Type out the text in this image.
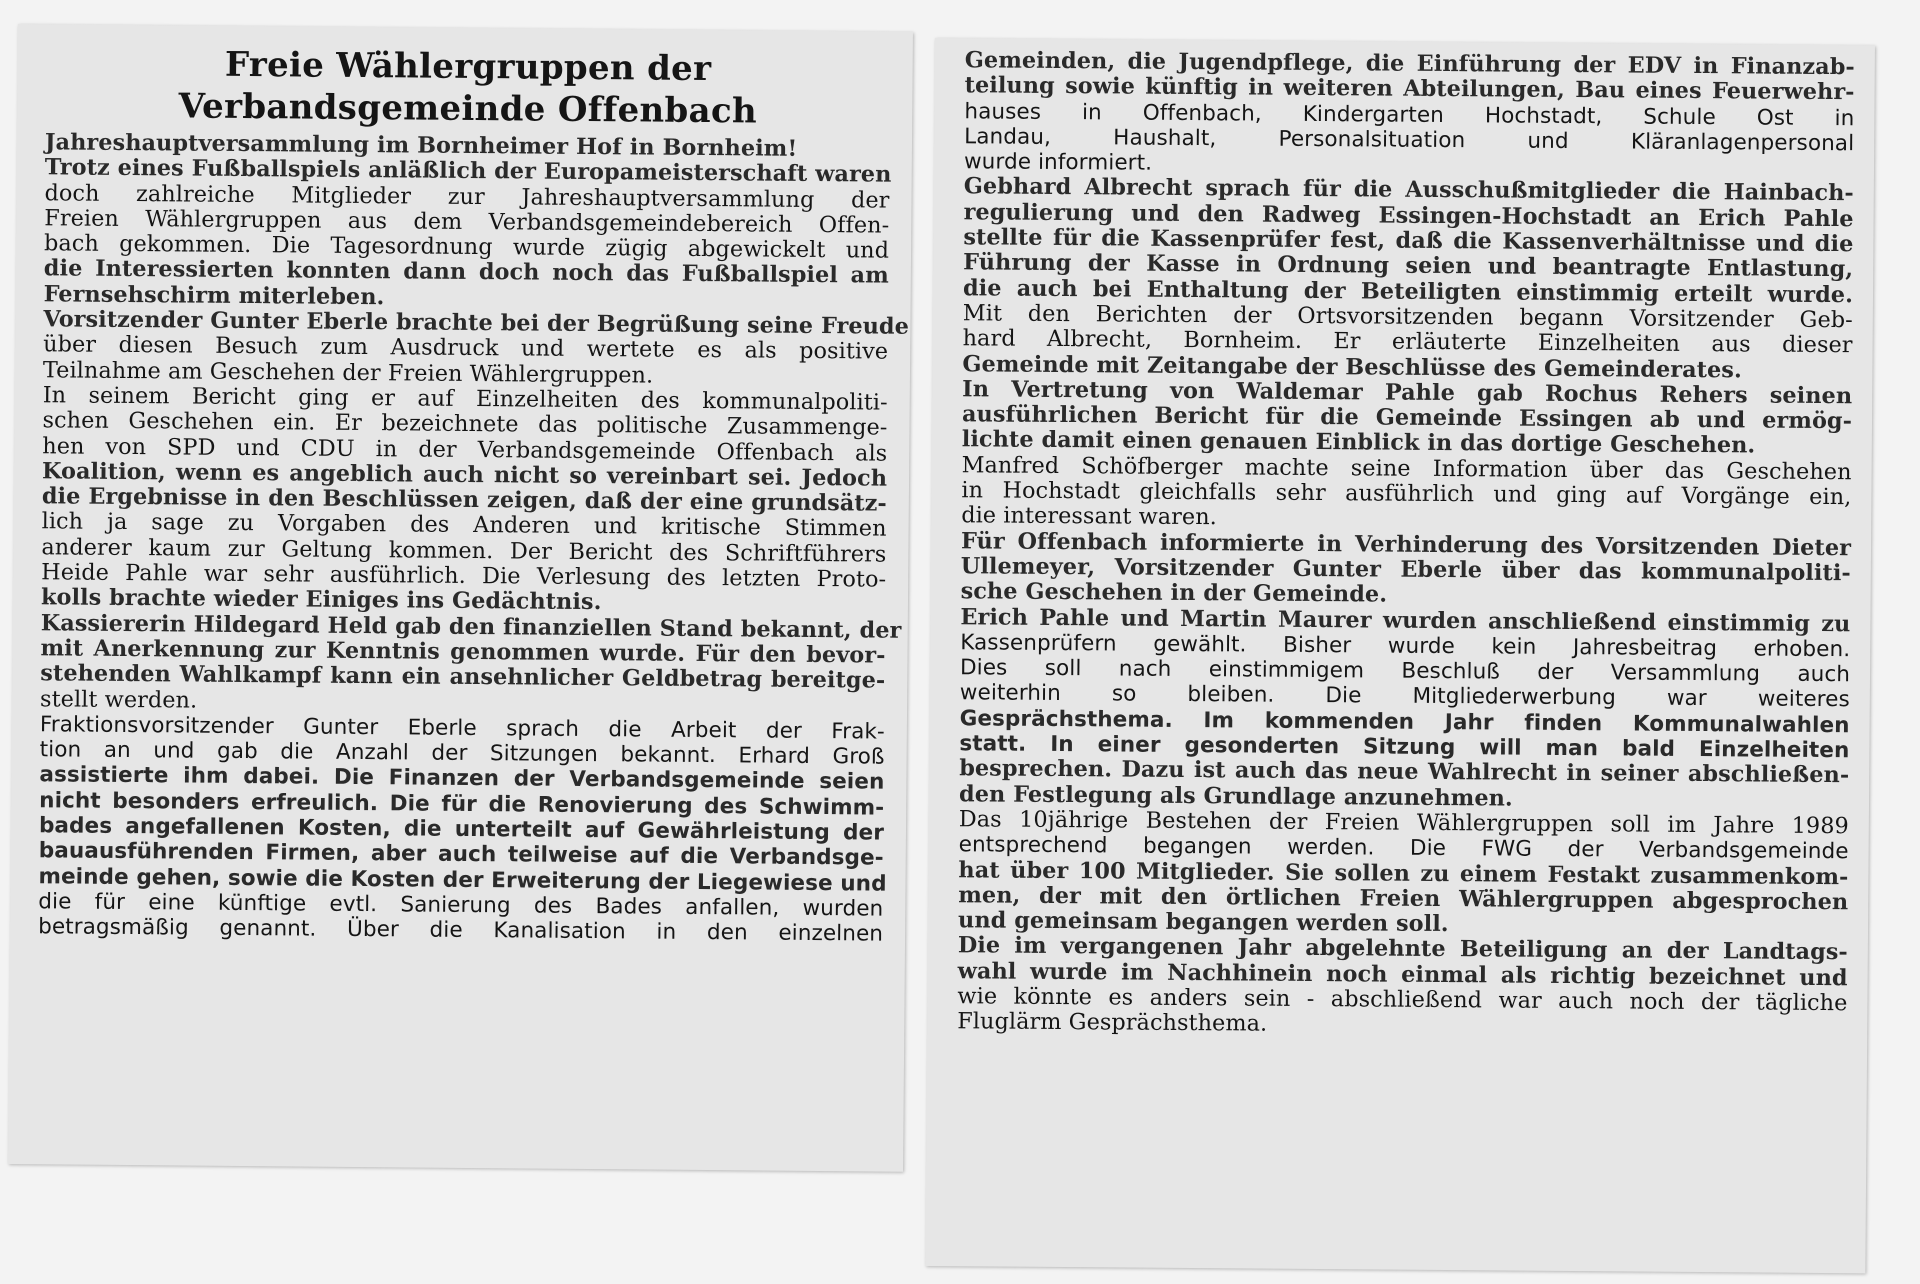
Freie Wählergruppen der
Verbandsgemeinde Offenbach
Jahreshauptversammlung im Bornheimer Hof in Bornheim!
Trotz eines Fußballspiels anläßlich der Europameisterschaft waren
doch zahlreiche Mitglieder zur Jahreshauptversammlung der
Freien Wählergruppen aus dem Verbandsgemeindebereich Offen-
bach gekommen. Die Tagesordnung wurde zügig abgewickelt und
die Interessierten konnten dann doch noch das Fußballspiel am
Fernsehschirm miterleben.
Vorsitzender Gunter Eberle brachte bei der Begrüßung seine Freude
über diesen Besuch zum Ausdruck und wertete es als positive
Teilnahme am Geschehen der Freien Wählergruppen.
In seinem Bericht ging er auf Einzelheiten des kommunalpoliti-
schen Geschehen ein. Er bezeichnete das politische Zusammenge-
hen von SPD und CDU in der Verbandsgemeinde Offenbach als
Koalition, wenn es angeblich auch nicht so vereinbart sei. Jedoch
die Ergebnisse in den Beschlüssen zeigen, daß der eine grundsätz-
lich ja sage zu Vorgaben des Anderen und kritische Stimmen
anderer kaum zur Geltung kommen. Der Bericht des Schriftführers
Heide Pahle war sehr ausführlich. Die Verlesung des letzten Proto-
kolls brachte wieder Einiges ins Gedächtnis.
Kassiererin Hildegard Held gab den finanziellen Stand bekannt, der
mit Anerkennung zur Kenntnis genommen wurde. Für den bevor-
stehenden Wahlkampf kann ein ansehnlicher Geldbetrag bereitge-
stellt werden.
Fraktionsvorsitzender Gunter Eberle sprach die Arbeit der Frak-
tion an und gab die Anzahl der Sitzungen bekannt. Erhard Groß
assistierte ihm dabei. Die Finanzen der Verbandsgemeinde seien
nicht besonders erfreulich. Die für die Renovierung des Schwimm-
bades angefallenen Kosten, die unterteilt auf Gewährleistung der
bauausführenden Firmen, aber auch teilweise auf die Verbandsge-
meinde gehen, sowie die Kosten der Erweiterung der Liegewiese und
die für eine künftige evtl. Sanierung des Bades anfallen, wurden
betragsmäßig genannt. Über die Kanalisation in den einzelnen
Gemeinden, die Jugendpflege, die Einführung der EDV in Finanzab-
teilung sowie künftig in weiteren Abteilungen, Bau eines Feuerwehr-
hauses in Offenbach, Kindergarten Hochstadt, Schule Ost in
Landau, Haushalt, Personalsituation und Kläranlagenpersonal
wurde informiert.
Gebhard Albrecht sprach für die Ausschußmitglieder die Hainbach-
regulierung und den Radweg Essingen-Hochstadt an Erich Pahle
stellte für die Kassenprüfer fest, daß die Kassenverhältnisse und die
Führung der Kasse in Ordnung seien und beantragte Entlastung,
die auch bei Enthaltung der Beteiligten einstimmig erteilt wurde.
Mit den Berichten der Ortsvorsitzenden begann Vorsitzender Geb-
hard Albrecht, Bornheim. Er erläuterte Einzelheiten aus dieser
Gemeinde mit Zeitangabe der Beschlüsse des Gemeinderates.
In Vertretung von Waldemar Pahle gab Rochus Rehers seinen
ausführlichen Bericht für die Gemeinde Essingen ab und ermög-
lichte damit einen genauen Einblick in das dortige Geschehen.
Manfred Schöfberger machte seine Information über das Geschehen
in Hochstadt gleichfalls sehr ausführlich und ging auf Vorgänge ein,
die interessant waren.
Für Offenbach informierte in Verhinderung des Vorsitzenden Dieter
Ullemeyer, Vorsitzender Gunter Eberle über das kommunalpoliti-
sche Geschehen in der Gemeinde.
Erich Pahle und Martin Maurer wurden anschließend einstimmig zu
Kassenprüfern gewählt. Bisher wurde kein Jahresbeitrag erhoben.
Dies soll nach einstimmigem Beschluß der Versammlung auch
weiterhin so bleiben. Die Mitgliederwerbung war weiteres
Gesprächsthema. Im kommenden Jahr finden Kommunalwahlen
statt. In einer gesonderten Sitzung will man bald Einzelheiten
besprechen. Dazu ist auch das neue Wahlrecht in seiner abschließen-
den Festlegung als Grundlage anzunehmen.
Das 10jährige Bestehen der Freien Wählergruppen soll im Jahre 1989
entsprechend begangen werden. Die FWG der Verbandsgemeinde
hat über 100 Mitglieder. Sie sollen zu einem Festakt zusammenkom-
men, der mit den örtlichen Freien Wählergruppen abgesprochen
und gemeinsam begangen werden soll.
Die im vergangenen Jahr abgelehnte Beteiligung an der Landtags-
wahl wurde im Nachhinein noch einmal als richtig bezeichnet und
wie könnte es anders sein - abschließend war auch noch der tägliche
Fluglärm Gesprächsthema.
